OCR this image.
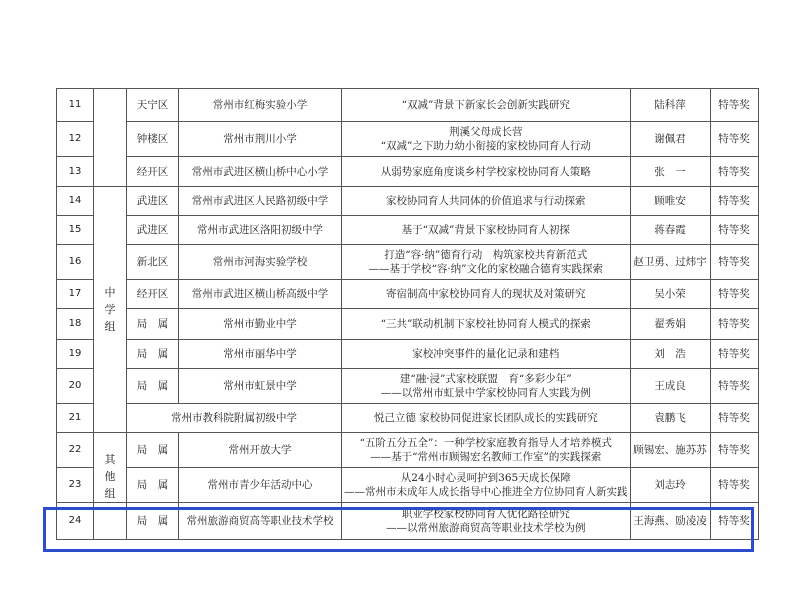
11		天宁区	常州市红梅实验小学	“双减”背景下新家长会创新实践研究	陆科萍	特等奖
12		钟楼区	常州市荆川小学	荆溪父母成长营
“双减”之下助力幼小衔接的家校协同育人行动	谢佩君	特等奖
13		经开区	常州市武进区横山桥中心小学	从弱势家庭角度谈乡村学校家校协同育人策略	张　一	特等奖
14	中
学
组	武进区	常州市武进区人民路初级中学	家校协同育人共同体的价值追求与行动探索	顾唯安	特等奖
15		武进区	常州市武进区洛阳初级中学	基于“双减”背景下家校协同育人初探	蒋春霞	特等奖
16		新北区	常州市河海实验学校	打造“容·纳”德育行动　构筑家校共育新范式
——基于学校“容·纳”文化的家校融合德育实践探索	赵卫勇、过炜宇	特等奖
17		经开区	常州市武进区横山桥高级中学	寄宿制高中家校协同育人的现状及对策研究	吴小荣	特等奖
18		局　属	常州市勤业中学	“三共”联动机制下家校社协同育人模式的探索	翟秀娟	特等奖
19		局　属	常州市丽华中学	家校冲突事件的量化记录和建档	刘　浩	特等奖
20		局　属	常州市虹景中学	建“融·浸”式家校联盟　育“多彩少年”
——以常州市虹景中学家校协同育人实践为例	王成良	特等奖
21		常州市教科院附属初级中学		悦己立德 家校协同促进家长团队成长的实践研究	袁鹏飞	特等奖
22	其
他
组	局　属	常州开放大学	“五阶五分五全”：一种学校家庭教育指导人才培养模式
——基于“常州市顾锡宏名教师工作室”的实践探索	顾锡宏、施苏苏	特等奖
23		局　属	常州市青少年活动中心	从24小时心灵呵护到365天成长保障
——常州市未成年人成长指导中心推进全方位协同育人新实践	刘志玲	特等奖
24		局　属	常州旅游商贸高等职业技术学校	职业学校家校协同育人优化路径研究
——以常州旅游商贸高等职业技术学校为例	王海燕、励凌凌	特等奖
